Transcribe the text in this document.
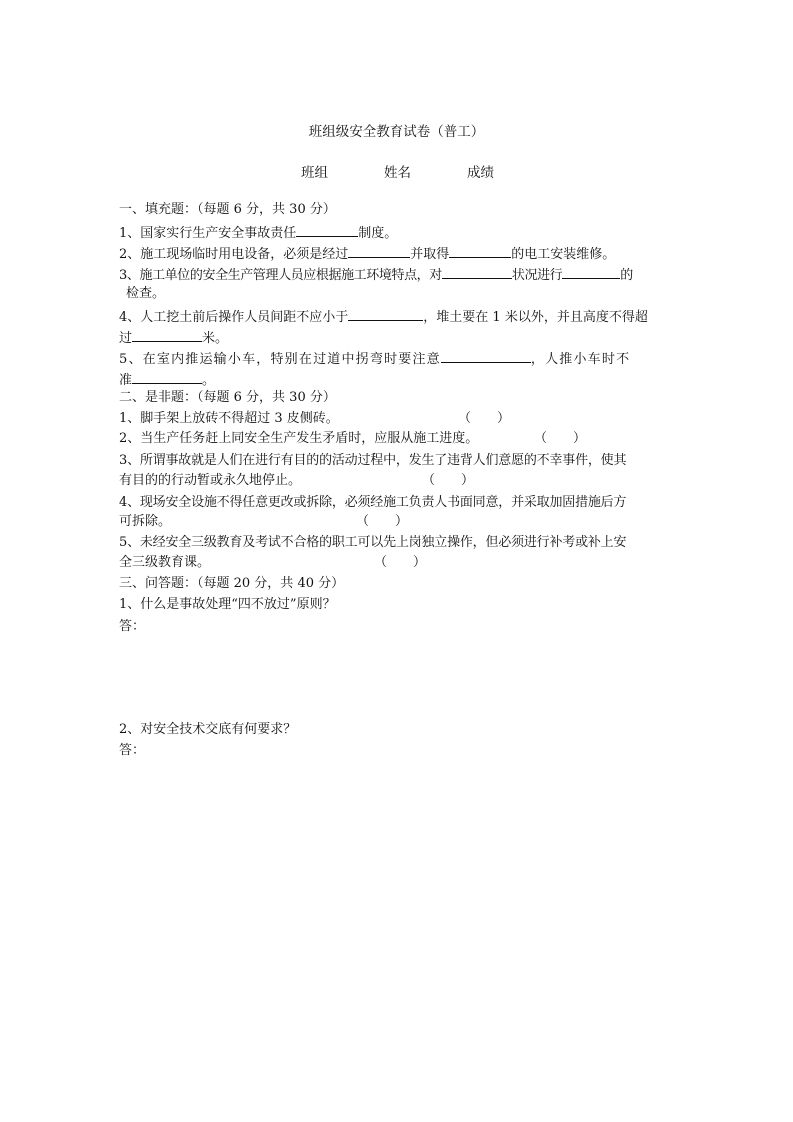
班组级安全教育试卷（普工）
班组	姓名	成绩
一、填充题：（每题 6 分，共 30 分）
1、国家实行生产安全事故责任	制度。
2、施工现场临时用电设备，必须是经过	并取得	的电工安装维修。
3、施工单位的安全生产管理人员应根据施工环境特点，对	状况进行	的
检查。
4、人工挖土前后操作人员间距不应小于	，堆土要在 1 米以外，并且高度不得超
过	米。
5、在室内推运输小车，特别在过道中拐弯时要注意	，人推小车时不
准	。
二、是非题：（每题 6 分，共 30 分）
1、脚手架上放砖不得超过 3 皮侧砖。	（　　）
2、当生产任务赶上同安全生产发生矛盾时，应服从施工进度。	（　　）
3、所谓事故就是人们在进行有目的的活动过程中，发生了违背人们意愿的不幸事件，使其
有目的的行动暂或永久地停止。	（　　）
4、现场安全设施不得任意更改或拆除，必须经施工负责人书面同意，并采取加固措施后方
可拆除。	（　　）
5、未经安全三级教育及考试不合格的职工可以先上岗独立操作，但必须进行补考或补上安
全三级教育课。	（　　）
三、问答题：（每题 20 分，共 40 分）
1、什么是事故处理“四不放过”原则？
答：
2、对安全技术交底有何要求？
答：
